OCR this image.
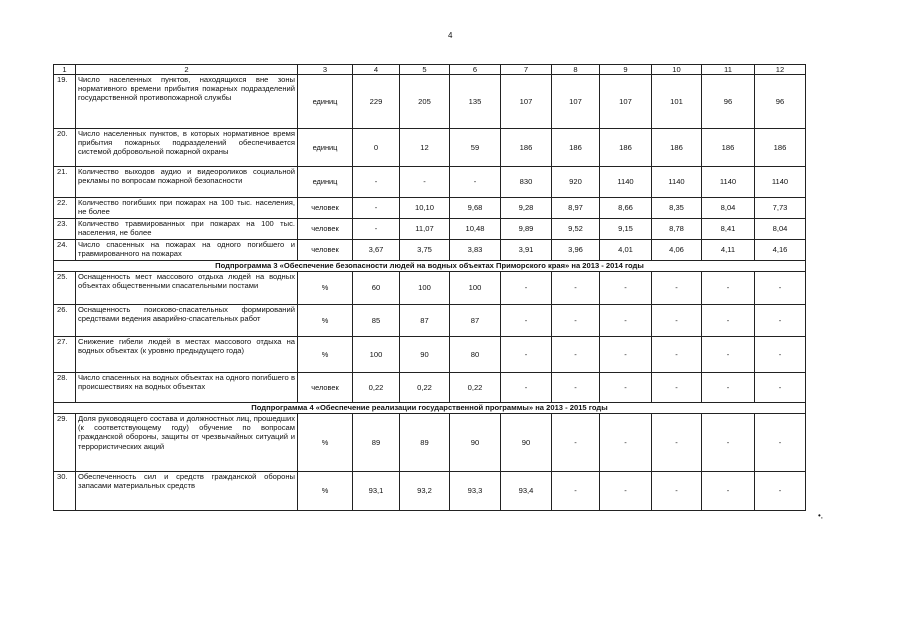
4
1	2	3	4	5	6	7	8	9	10	11	12
19.	Число населенных пунктов, находящихся вне зоны нормативного времени прибытия пожарных подразделений государственной противопожарной службы	единиц	229	205	135	107	107	107	101	96	96
20.	Число населенных пунктов, в которых нормативное время прибытия пожарных подразделений обеспечивается системой добровольной пожарной охраны	единиц	0	12	59	186	186	186	186	186	186
21.	Количество выходов аудио и видеороликов социальной рекламы по вопросам пожарной безопасности	единиц	-	-	-	830	920	1140	1140	1140	1140
22.	Количество погибших при пожарах на 100 тыс. населения, не более	человек	-	10,10	9,68	9,28	8,97	8,66	8,35	8,04	7,73
23.	Количество травмированных при пожарах на 100 тыс. населения, не более	человек	-	11,07	10,48	9,89	9,52	9,15	8,78	8,41	8,04
24.	Число спасенных на пожарах на одного погибшего и травмированного на пожарах	человек	3,67	3,75	3,83	3,91	3,96	4,01	4,06	4,11	4,16
Подпрограмма 3 «Обеспечение безопасности людей на водных объектах Приморского края» на 2013 - 2014 годы											
25.	Оснащенность мест массового отдыха людей на водных объектах общественными спасательными постами	%	60	100	100	-	-	-	-	-	-
26.	Оснащенность поисково-спасательных формирований средствами ведения аварийно-спасательных работ	%	85	87	87	-	-	-	-	-	-
27.	Снижение гибели людей в местах массового отдыха на водных объектах (к уровню предыдущего года)	%	100	90	80	-	-	-	-	-	-
28.	Число спасенных на водных объектах на одного погибшего в происшествиях на водных объектах	человек	0,22	0,22	0,22	-	-	-	-	-	-
Подпрограмма 4 «Обеспечение реализации государственной программы» на 2013 - 2015 годы											
29.	Доля руководящего состава и должностных лиц, прошедших (к соответствующему году) обучение по вопросам гражданской обороны, защиты от чрезвычайных ситуаций и террористических акций	%	89	89	90	90	-	-	-	-	-
30.	Обеспеченность сил и средств гражданской обороны запасами материальных средств	%	93,1	93,2	93,3	93,4	-	-	-	-	-
•,
